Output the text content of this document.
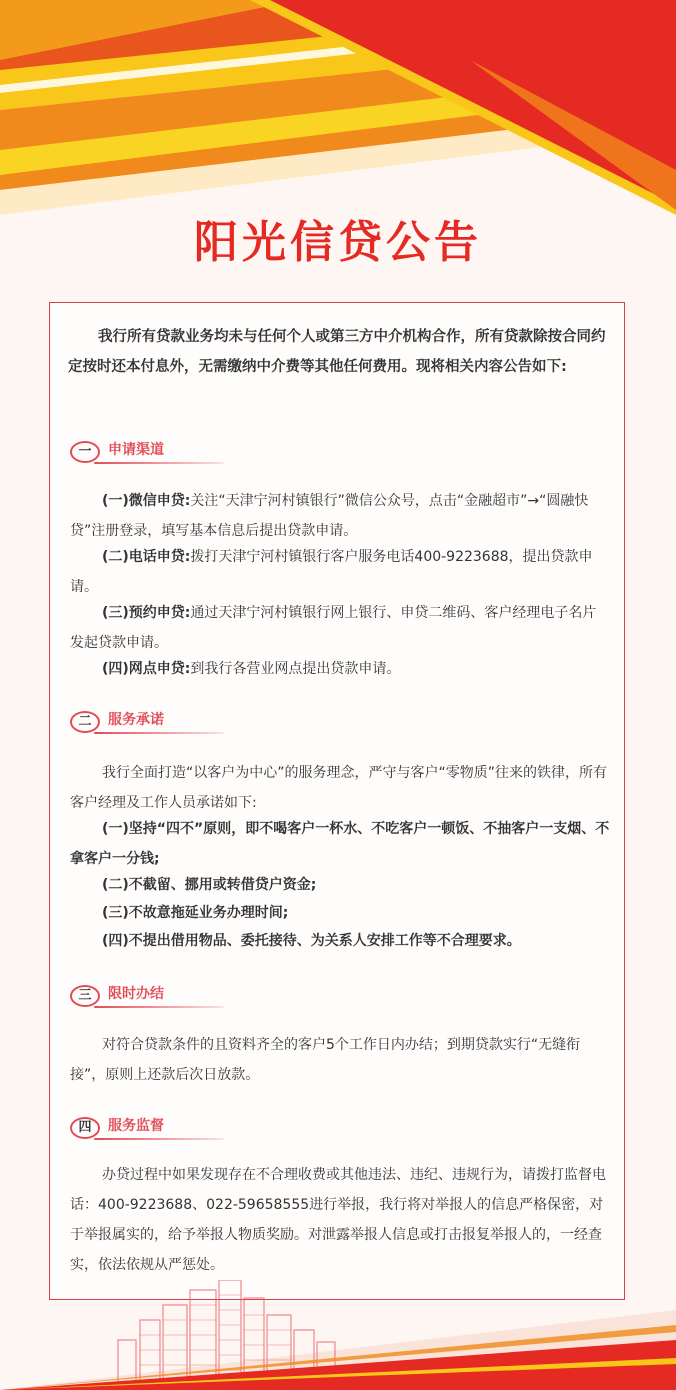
阳光信贷公告

我行所有贷款业务均未与任何个人或第三方中介机构合作，所有贷款除按合同约定按时还本付息外，无需缴纳中介费等其他任何费用。现将相关内容公告如下:

一	申请渠道

(一)微信申贷:关注“天津宁河村镇银行”微信公众号，点击“金融超市”→“圆融快贷”注册登录，填写基本信息后提出贷款申请。

(二)电话申贷:拨打天津宁河村镇银行客户服务电话400-9223688，提出贷款申请。

(三)预约申贷:通过天津宁河村镇银行网上银行、申贷二维码、客户经理电子名片发起贷款申请。

(四)网点申贷:到我行各营业网点提出贷款申请。

二	服务承诺

我行全面打造“以客户为中心”的服务理念，严守与客户“零物质”往来的铁律，所有客户经理及工作人员承诺如下:

(一)坚持“四不”原则，即不喝客户一杯水、不吃客户一顿饭、不抽客户一支烟、不拿客户一分钱;

(二)不截留、挪用或转借贷户资金;

(三)不故意拖延业务办理时间;

(四)不提出借用物品、委托接待、为关系人安排工作等不合理要求。

三	限时办结

对符合贷款条件的且资料齐全的客户5个工作日内办结；到期贷款实行“无缝衔接”，原则上还款后次日放款。

四	服务监督

办贷过程中如果发现存在不合理收费或其他违法、违纪、违规行为，请拨打监督电话：400-9223688、022-59658555进行举报，我行将对举报人的信息严格保密，对于举报属实的，给予举报人物质奖励。对泄露举报人信息或打击报复举报人的，一经查实，依法依规从严惩处。
